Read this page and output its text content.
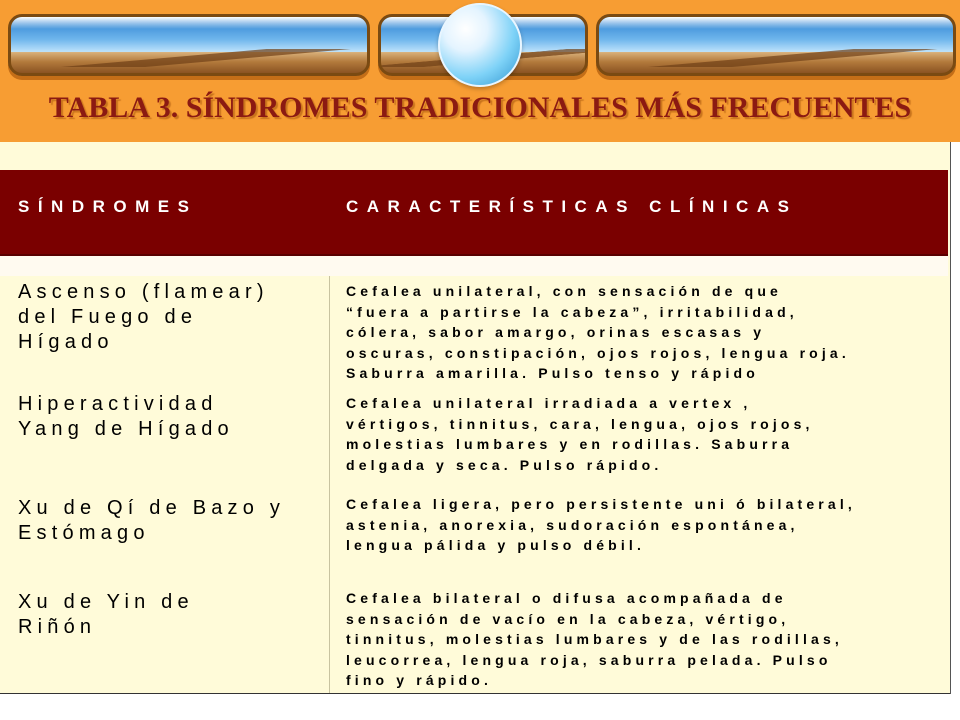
TABLA 3. SÍNDROMES TRADICIONALES MÁS FRECUENTES
SÍNDROMES	CARACTERÍSTICAS CLÍNICAS
Ascenso (flamear)
del Fuego de
Hígado
Cefalea unilateral, con sensación de que
“fuera a partirse la cabeza”, irritabilidad,
cólera, sabor amargo, orinas escasas y
oscuras, constipación, ojos rojos, lengua roja.
Saburra amarilla. Pulso tenso y rápido
Hiperactividad
Yang de Hígado
Cefalea unilateral irradiada a vertex ,
vértigos, tinnitus, cara, lengua, ojos rojos,
molestias lumbares y en rodillas. Saburra
delgada y seca. Pulso rápido.
Xu de Qí de Bazo y
Estómago
Cefalea ligera, pero persistente uni ó bilateral,
astenia, anorexia, sudoración espontánea,
lengua pálida y pulso débil.
Xu de Yin de
Riñón
Cefalea bilateral o difusa acompañada de
sensación de vacío en la cabeza, vértigo,
tinnitus, molestias lumbares y de las rodillas,
leucorrea, lengua roja, saburra pelada. Pulso
fino y rápido.
